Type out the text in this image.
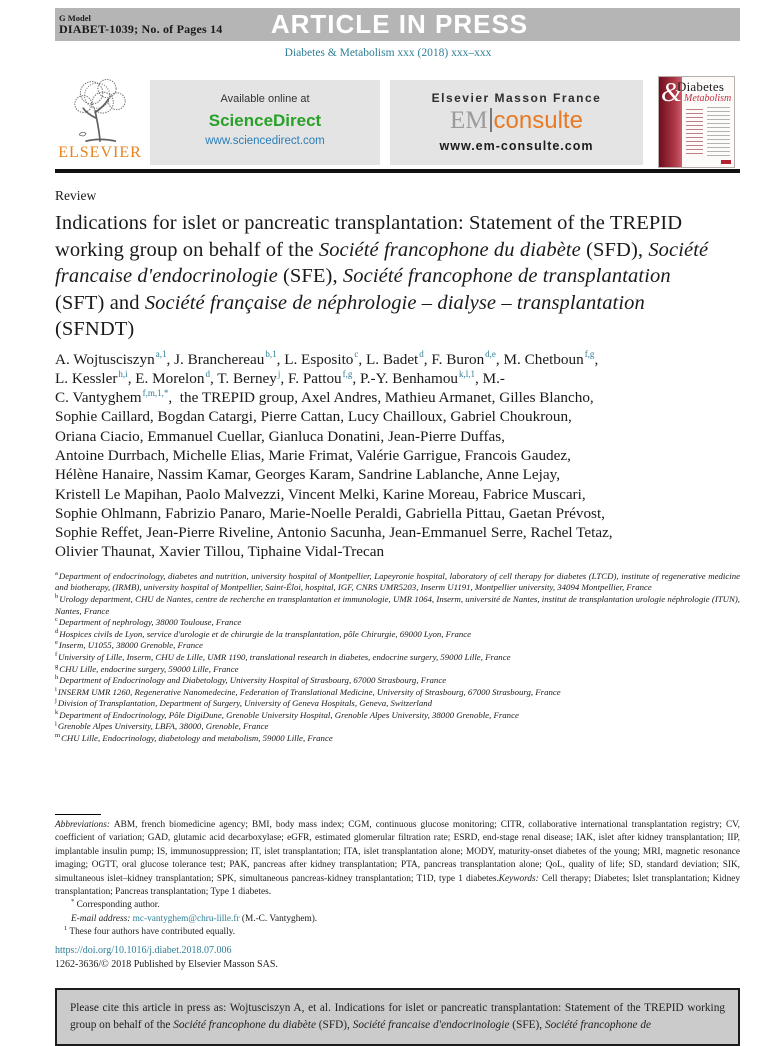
G Model
DIABET-1039; No. of Pages 14	ARTICLE IN PRESS
Diabetes & Metabolism xxx (2018) xxx–xxx
ELSEVIER
Available online at
ScienceDirect
www.sciencedirect.com
Elsevier Masson France
EM consulte
www.em-consulte.com
&
Diabetes
Metabolism
Review
Indications for islet or pancreatic transplantation: Statement of the TREPID working group on behalf of the Société francophone du diabète (SFD), Société francaise d'endocrinologie (SFE), Société francophone de transplantation (SFT) and Société française de néphrologie – dialyse – transplantation (SFNDT)

A. Wojtusciszyn$^{a,1}$, J. Branchereau$^{b,1}$, L. Esposito$^c$, L. Badet$^d$, F. Buron$^{d,e}$, M. Chetboun$^{f,g}$,
L. Kessler$^{h,i}$, E. Morelon$^d$, T. Berney$^j$, F. Pattou$^{f,g}$, P.-Y. Benhamou$^{k,l,1}$, M.-
C. Vantyghem$^{f,m,1,*}$,  the TREPID group, Axel Andres, Mathieu Armanet, Gilles Blancho,
Sophie Caillard, Bogdan Catargi, Pierre Cattan, Lucy Chailloux, Gabriel Choukroun,
Oriana Ciacio, Emmanuel Cuellar, Gianluca Donatini, Jean-Pierre Duffas,
Antoine Durrbach, Michelle Elias, Marie Frimat, Valérie Garrigue, Francois Gaudez,
Hélène Hanaire, Nassim Kamar, Georges Karam, Sandrine Lablanche, Anne Lejay,
Kristell Le Mapihan, Paolo Malvezzi, Vincent Melki, Karine Moreau, Fabrice Muscari,
Sophie Ohlmann, Fabrizio Panaro, Marie-Noelle Peraldi, Gabriella Pittau, Gaetan Prévost,
Sophie Reffet, Jean-Pierre Riveline, Antonio Sacunha, Jean-Emmanuel Serre, Rachel Tetaz,
Olivier Thaunat, Xavier Tillou, Tiphaine Vidal-Trecan

$^a$Department of endocrinology, diabetes and nutrition, university hospital of Montpellier, Lapeyronie hospital, laboratory of cell therapy for diabetes (LTCD), institute of regenerative medicine and biotherapy, (IRMB), university hospital of Montpellier, Saint-Éloi, hospital, IGF, CNRS UMR5203, Inserm U1191, Montpellier university, 34094 Montpellier, France
$^b$Urology department, CHU de Nantes, centre de recherche en transplantation et immunologie, UMR 1064, Inserm, université de Nantes, institut de transplantation urologie néphrologie (ITUN), Nantes, France
$^c$Department of nephrology, 38000 Toulouse, France
$^d$Hospices civils de Lyon, service d'urologie et de chirurgie de la transplantation, pôle Chirurgie, 69000 Lyon, France
$^e$Inserm, U1055, 38000 Grenoble, France
$^f$University of Lille, Inserm, CHU de Lille, UMR 1190, translational research in diabetes, endocrine surgery, 59000 Lille, France
$^g$CHU Lille, endocrine surgery, 59000 Lille, France
$^h$Department of Endocrinology and Diabetology, University Hospital of Strasbourg, 67000 Strasbourg, France
$^i$INSERM UMR 1260, Regenerative Nanomedecine, Federation of Translational Medicine, University of Strasbourg, 67000 Strasbourg, France
$^j$Division of Transplantation, Department of Surgery, University of Geneva Hospitals, Geneva, Switzerland
$^k$Department of Endocrinology, Pôle DigiDune, Grenoble University Hospital, Grenoble Alpes University, 38000 Grenoble, France
$^l$Grenoble Alpes University, LBFA, 38000, Grenoble, France
$^m$CHU Lille, Endocrinology, diabetology and metabolism, 59000 Lille, France

Abbreviations: ABM, french biomedicine agency; BMI, body mass index; CGM, continuous glucose monitoring; CITR, collaborative international transplantation registry; CV, coefficient of variation; GAD, glutamic acid decarboxylase; eGFR, estimated glomerular filtration rate; ESRD, end-stage renal disease; IAK, islet after kidney transplantation; IIP, implantable insulin pump; IS, immunosuppression; IT, islet transplantation; ITA, islet transplantation alone; MODY, maturity-onset diabetes of the young; MRI, magnetic resonance imaging; OGTT, oral glucose tolerance test; PAK, pancreas after kidney transplantation; PTA, pancreas transplantation alone; QoL, quality of life; SD, standard deviation; SIK, simultaneous islet–kidney transplantation; SPK, simultaneous pancreas-kidney transplantation; T1D, type 1 diabetes.Keywords: Cell therapy; Diabetes; Islet transplantation; Kidney transplantation; Pancreas transplantation; Type 1 diabetes.

* Corresponding author.

E-mail address: mc-vantyghem@chru-lille.fr (M.-C. Vantyghem).

$^1$ These four authors have contributed equally.

https://doi.org/10.1016/j.diabet.2018.07.006
1262-3636/© 2018 Published by Elsevier Masson SAS.

Please cite this article in press as: Wojtusciszyn A, et al. Indications for islet or pancreatic transplantation: Statement of the TREPID working group on behalf of the Société francophone du diabète (SFD), Société francaise d'endocrinologie (SFE), Société francophone de
